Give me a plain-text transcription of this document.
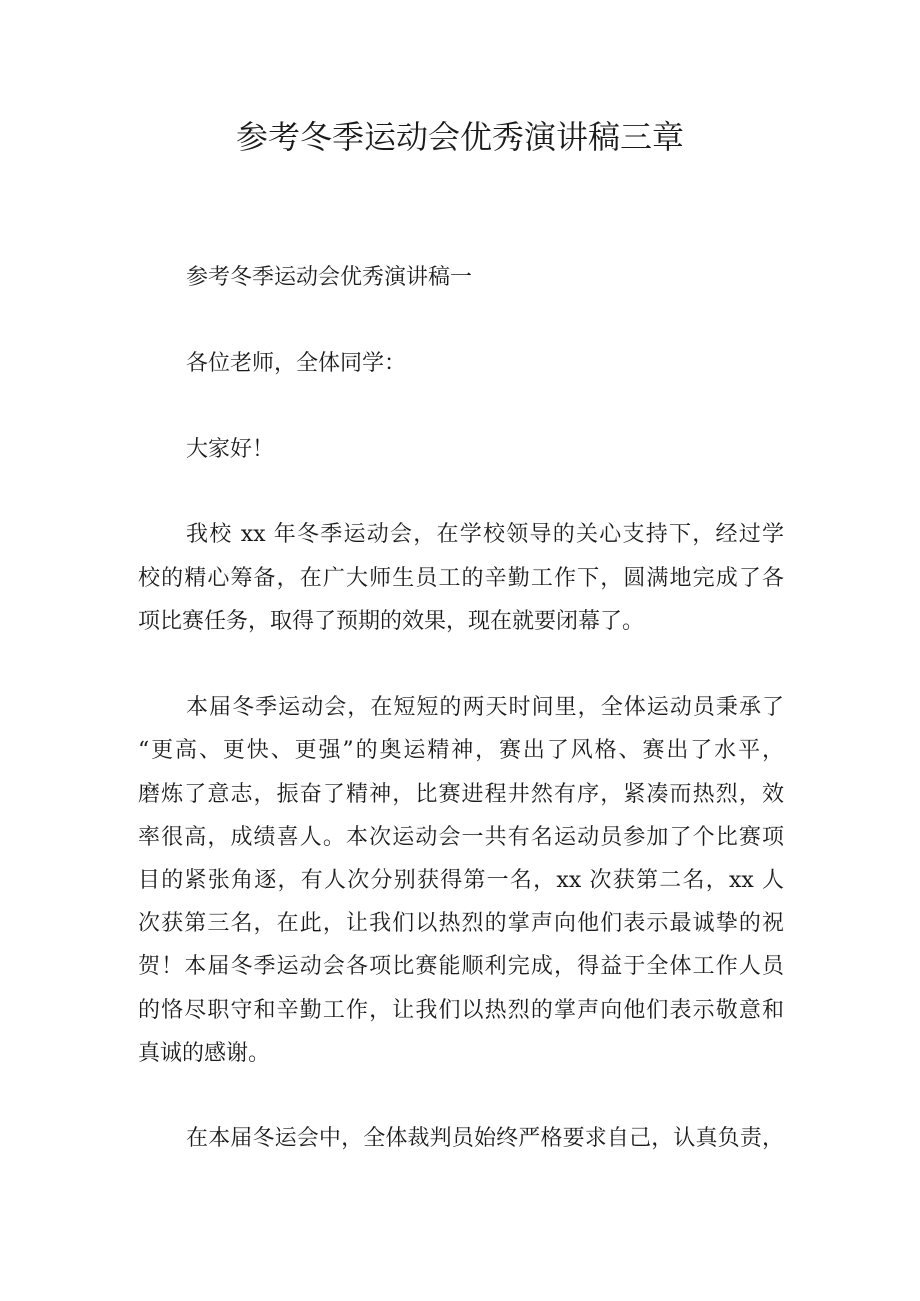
参考冬季运动会优秀演讲稿三章

参考冬季运动会优秀演讲稿一

各位老师，全体同学：

大家好！

我校 xx 年冬季运动会，在学校领导的关心支持下，经过学

校的精心筹备，在广大师生员工的辛勤工作下，圆满地完成了各

项比赛任务，取得了预期的效果，现在就要闭幕了。

本届冬季运动会，在短短的两天时间里，全体运动员秉承了

“更高、更快、更强”的奥运精神，赛出了风格、赛出了水平，

磨炼了意志，振奋了精神，比赛进程井然有序，紧凑而热烈，效

率很高，成绩喜人。本次运动会一共有名运动员参加了个比赛项

目的紧张角逐，有人次分别获得第一名，xx 次获第二名，xx 人

次获第三名，在此，让我们以热烈的掌声向他们表示最诚挚的祝

贺！本届冬季运动会各项比赛能顺利完成，得益于全体工作人员

的恪尽职守和辛勤工作，让我们以热烈的掌声向他们表示敬意和

真诚的感谢。

在本届冬运会中，全体裁判员始终严格要求自己，认真负责，
